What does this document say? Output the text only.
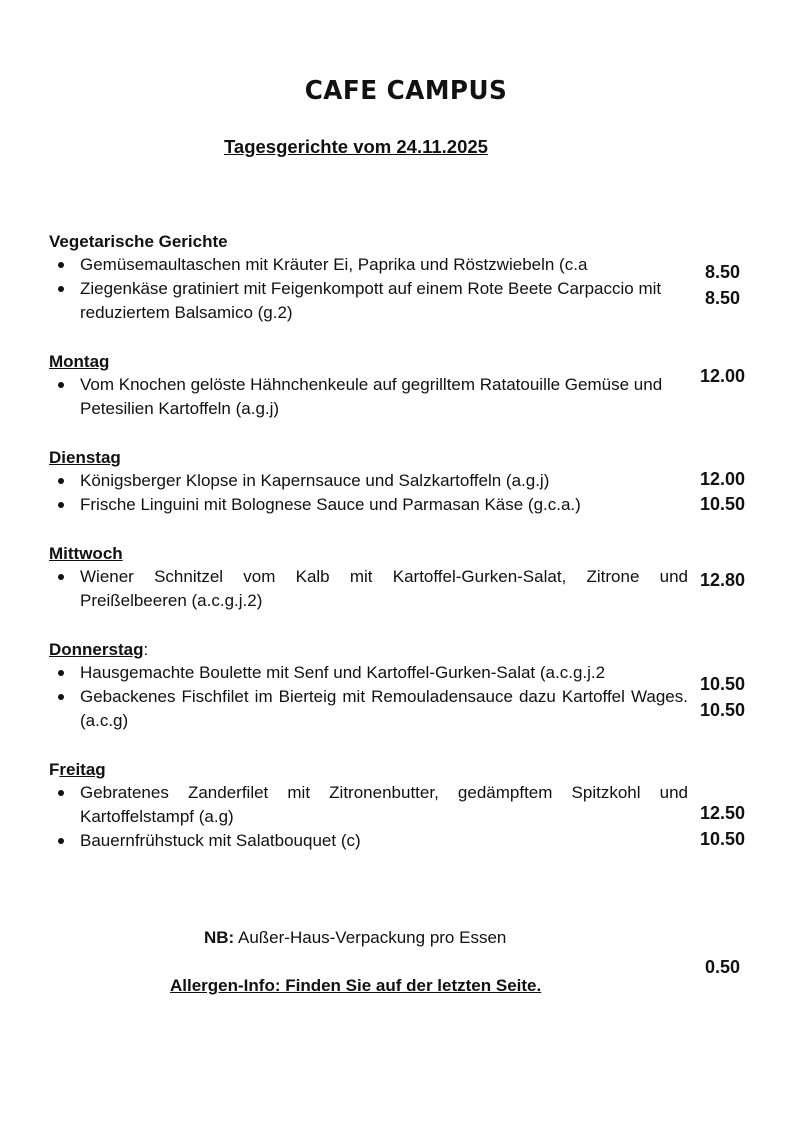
CAFE CAMPUS
Tagesgerichte vom 24.11.2025
Vegetarische Gerichte
Gemüsemaultaschen mit Kräuter Ei, Paprika und Röstzwiebeln (c.a
Ziegenkäse gratiniert mit Feigenkompott auf einem Rote Beete Carpaccio mit reduziertem Balsamico (g.2)
8.50
8.50
Montag
Vom Knochen gelöste Hähnchenkeule auf gegrilltem Ratatouille Gemüse und Petesilien Kartoffeln (a.g.j)
12.00
Dienstag
Königsberger Klopse in Kapernsauce und Salzkartoffeln (a.g.j)
Frische Linguini mit Bolognese Sauce und Parmasan Käse (g.c.a.)
12.00
10.50
Mittwoch
Wiener Schnitzel vom Kalb mit Kartoffel-Gurken-Salat, Zitrone und Preißelbeeren (a.c.g.j.2)
12.80
Donnerstag:
Hausgemachte Boulette mit Senf und Kartoffel-Gurken-Salat (a.c.g.j.2
Gebackenes Fischfilet im Bierteig mit Remouladensauce dazu Kartoffel Wages. (a.c.g)
10.50
10.50
Freitag
Gebratenes Zanderfilet mit Zitronenbutter, gedämpftem Spitzkohl und Kartoffelstampf (a.g)
Bauernfrühstuck mit Salatbouquet (c)
12.50
10.50
NB: Außer-Haus-Verpackung pro Essen
0.50
Allergen-Info: Finden Sie auf der letzten Seite.
